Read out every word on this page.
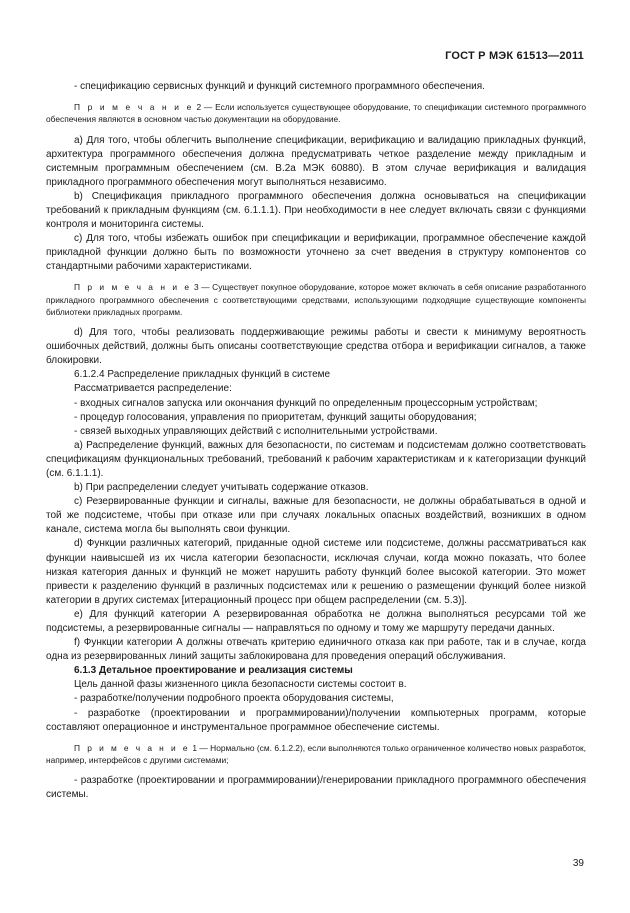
ГОСТ Р МЭК 61513—2011

- спецификацию сервисных функций и функций системного программного обеспечения.

П р и м е ч а н и е 2 — Если используется существующее оборудование, то спецификации системного программного обеспечения являются в основном частью документации на оборудование.

а) Для того, чтобы облегчить выполнение спецификации, верификацию и валидацию прикладных функций, архитектура программного обеспечения должна предусматривать четкое разделение между прикладным и системным программным обеспечением (см. В.2а МЭК 60880). В этом случае верификация и валидация прикладного программного обеспечения могут выполняться независимо.

b) Спецификация прикладного программного обеспечения должна основываться на спецификации требований к прикладным функциям (см. 6.1.1.1). При необходимости в нее следует включать связи с функциями контроля и мониторинга системы.

c) Для того, чтобы избежать ошибок при спецификации и верификации, программное обеспечение каждой прикладной функции должно быть по возможности уточнено за счет введения в структуру компонентов со стандартными рабочими характеристиками.

П р и м е ч а н и е 3 — Существует покупное оборудование, которое может включать в себя описание разработанного прикладного программного обеспечения с соответствующими средствами, использующими подходящие существующие компоненты библиотеки прикладных программ.

d) Для того, чтобы реализовать поддерживающие режимы работы и свести к минимуму вероятность ошибочных действий, должны быть описаны соответствующие средства отбора и верификации сигналов, а также блокировки.

6.1.2.4 Распределение прикладных функций в системе

Рассматривается распределение:

- входных сигналов запуска или окончания функций по определенным процессорным устройствам;

- процедур голосования, управления по приоритетам, функций защиты оборудования;

- связей выходных управляющих действий с исполнительными устройствами.

а) Распределение функций, важных для безопасности, по системам и подсистемам должно соответствовать спецификациям функциональных требований, требований к рабочим характеристикам и к категоризации функций (см. 6.1.1.1).

b) При распределении следует учитывать содержание отказов.

c) Резервированные функции и сигналы, важные для безопасности, не должны обрабатываться в одной и той же подсистеме, чтобы при отказе или при случаях локальных опасных воздействий, возникших в одном канале, система могла бы выполнять свои функции.

d) Функции различных категорий, приданные одной системе или подсистеме, должны рассматриваться как функции наивысшей из их числа категории безопасности, исключая случаи, когда можно показать, что более низкая категория данных и функций не может нарушить работу функций более высокой категории. Это может привести к разделению функций в различных подсистемах или к решению о размещении функций более низкой категории в других системах [итерационный процесс при общем распределении (см. 5.3)].

e) Для функций категории А резервированная обработка не должна выполняться ресурсами той же подсистемы, а резервированные сигналы — направляться по одному и тому же маршруту передачи данных.

f) Функции категории А должны отвечать критерию единичного отказа как при работе, так и в случае, когда одна из резервированных линий защиты заблокирована для проведения операций обслуживания.

6.1.3 Детальное проектирование и реализация системы

Цель данной фазы жизненного цикла безопасности системы состоит в.

- разработке/получении подробного проекта оборудования системы,

- разработке (проектировании и программировании)/получении компьютерных программ, которые составляют операционное и инструментальное программное обеспечение системы.

П р и м е ч а н и е 1 — Нормально (см. 6.1.2.2), если выполняются только ограниченное количество новых разработок, например, интерфейсов с другими системами;

- разработке (проектировании и программировании)/генерировании прикладного программного обеспечения системы.

39
